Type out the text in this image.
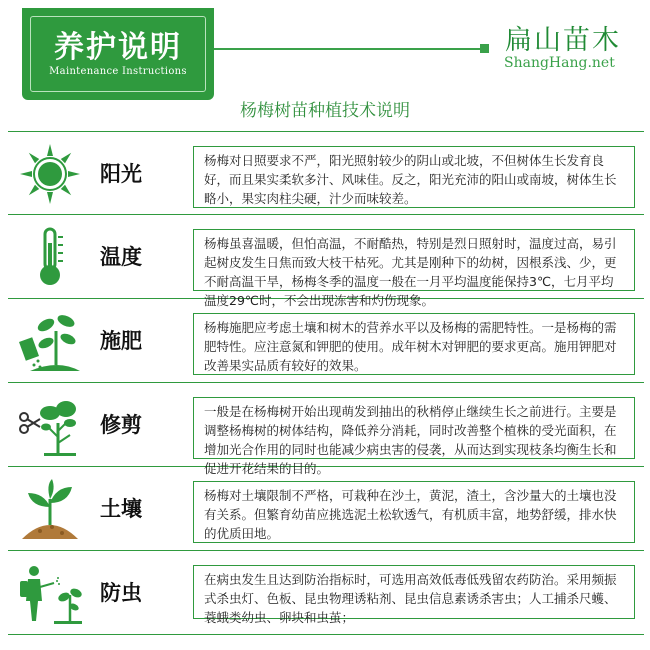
养护说明
Maintenance Instructions
扁山苗木
ShangHang.net
杨梅树苗种植技术说明
阳光
杨梅对日照要求不严，阳光照射较少的阴山或北坡，不但树体生长发育良好，而且果实柔软多汁、风味佳。反之，阳光充沛的阳山或南坡，树体生长略小，果实肉柱尖硬，汁少而味较差。
温度
杨梅虽喜温暖，但怕高温，不耐酷热，特别是烈日照射时，温度过高，易引起树皮发生日焦而致大枝干枯死。尤其是刚种下的幼树，因根系浅、少，更不耐高温干旱，杨梅冬季的温度一般在一月平均温度能保持3℃，七月平均温度29℃时，不会出现冻害和灼伤现象。
施肥
杨梅施肥应考虑土壤和树木的营养水平以及杨梅的需肥特性。一是杨梅的需肥特性。应注意氮和钾肥的使用。成年树木对钾肥的要求更高。施用钾肥对改善果实品质有较好的效果。
修剪
一般是在杨梅树开始出现萌发到抽出的秋梢停止继续生长之前进行。主要是调整杨梅树的树体结构，降低养分消耗，同时改善整个植株的受光面积，在增加光合作用的同时也能减少病虫害的侵袭，从而达到实现枝条均衡生长和促进开花结果的目的。
土壤
杨梅对土壤限制不严格，可栽种在沙土，黄泥，渣土，含沙量大的土壤也没有关系。但繁育幼苗应挑选泥土松软透气，有机质丰富，地势舒缓，排水快的优质田地。
防虫
在病虫发生且达到防治指标时，可选用高效低毒低残留农药防治。采用频振式杀虫灯、色板、昆虫物理诱粘剂、昆虫信息素诱杀害虫；人工捕杀尺蠖、蓑蛾类幼虫、卵块和虫茧；
